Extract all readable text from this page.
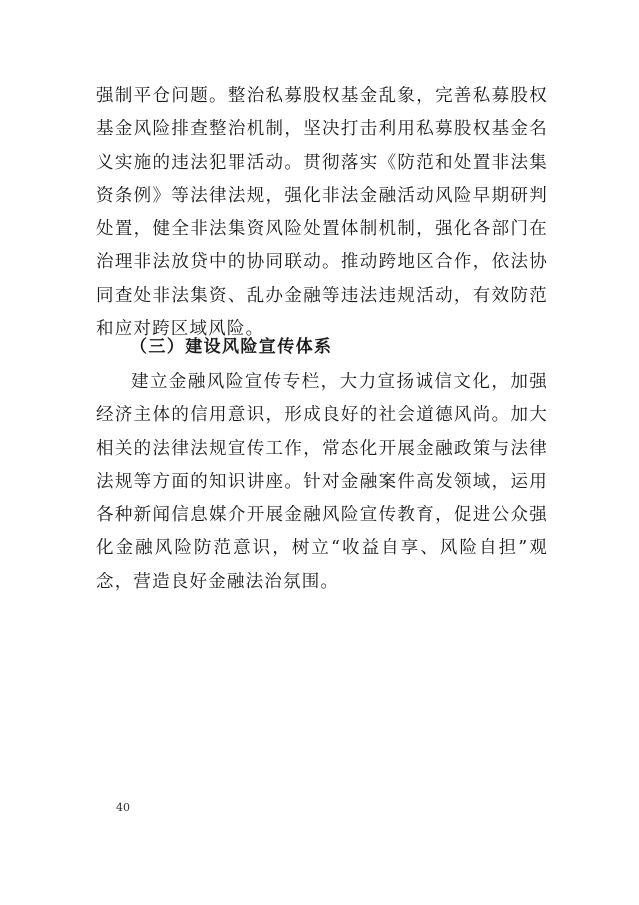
强制平仓问题。整治私募股权基金乱象，完善私募股权基金风险排查整治机制，坚决打击利用私募股权基金名义实施的违法犯罪活动。贯彻落实《防范和处置非法集资条例》等法律法规，强化非法金融活动风险早期研判处置，健全非法集资风险处置体制机制，强化各部门在治理非法放贷中的协同联动。推动跨地区合作，依法协同查处非法集资、乱办金融等违法违规活动，有效防范和应对跨区域风险。

（三）建设风险宣传体系

建立金融风险宣传专栏，大力宣扬诚信文化，加强经济主体的信用意识，形成良好的社会道德风尚。加大相关的法律法规宣传工作，常态化开展金融政策与法律法规等方面的知识讲座。针对金融案件高发领域，运用各种新闻信息媒介开展金融风险宣传教育，促进公众强化金融风险防范意识，树立“收益自享、风险自担”观念，营造良好金融法治氛围。

40
